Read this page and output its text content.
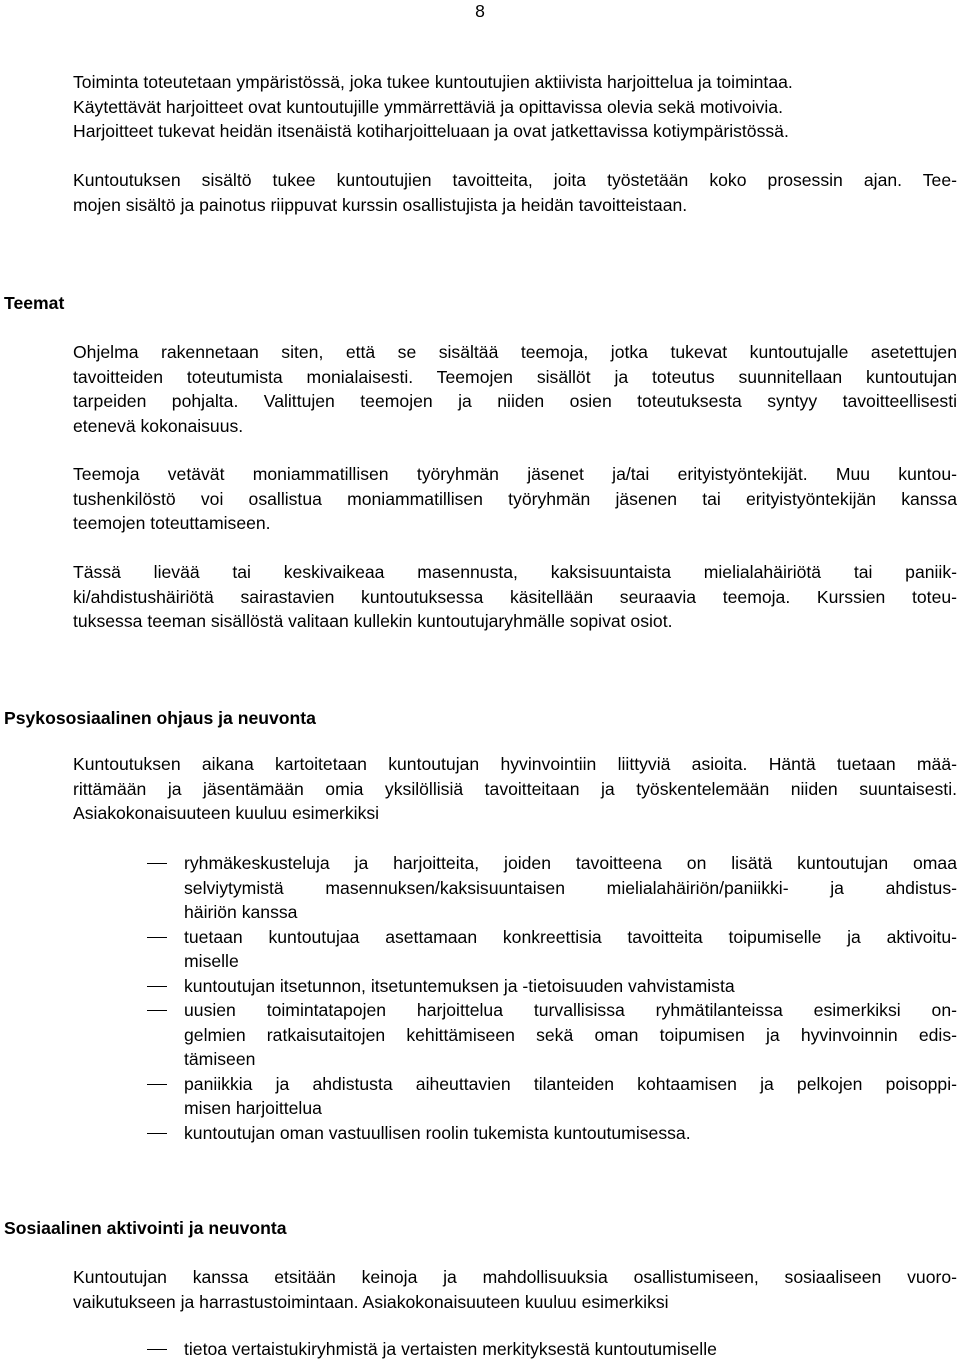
8

Toiminta toteutetaan ympäristössä, joka tukee kuntoutujien aktiivista harjoittelua ja toimintaa.
Käytettävät harjoitteet ovat kuntoutujille ymmärrettäviä ja opittavissa olevia sekä motivoivia.
Harjoitteet tukevat heidän itsenäistä kotiharjoitteluaan ja ovat jatkettavissa kotiympäristössä.

Kuntoutuksen sisältö tukee kuntoutujien tavoitteita, joita työstetään koko prosessin ajan. Tee-
mojen sisältö ja painotus riippuvat kurssin osallistujista ja heidän tavoitteistaan.

Teemat

Ohjelma rakennetaan siten, että se sisältää teemoja, jotka tukevat kuntoutujalle asetettujen
tavoitteiden toteutumista monialaisesti. Teemojen sisällöt ja toteutus suunnitellaan kuntoutujan
tarpeiden pohjalta. Valittujen teemojen ja niiden osien toteutuksesta syntyy tavoitteellisesti
etenevä kokonaisuus.

Teemoja vetävät moniammatillisen työryhmän jäsenet ja/tai erityistyöntekijät. Muu kuntou-
tushenkilöstö voi osallistua moniammatillisen työryhmän jäsenen tai erityistyöntekijän kanssa
teemojen toteuttamiseen.

Tässä lievää tai keskivaikeaa masennusta, kaksisuuntaista mielialahäiriötä tai paniik-
ki/ahdistushäiriötä sairastavien kuntoutuksessa käsitellään seuraavia teemoja. Kurssien toteu-
tuksessa teeman sisällöstä valitaan kullekin kuntoutujaryhmälle sopivat osiot.

Psykososiaalinen ohjaus ja neuvonta

Kuntoutuksen aikana kartoitetaan kuntoutujan hyvinvointiin liittyviä asioita. Häntä tuetaan mää-
rittämään ja jäsentämään omia yksilöllisiä tavoitteitaan ja työskentelemään niiden suuntaisesti.
Asiakokonaisuuteen kuuluu esimerkiksi

ryhmäkeskusteluja ja harjoitteita, joiden tavoitteena on lisätä kuntoutujan omaa
selviytymistä masennuksen/kaksisuuntaisen mielialahäiriön/paniikki- ja ahdistus-
häiriön kanssa
tuetaan kuntoutujaa asettamaan konkreettisia tavoitteita toipumiselle ja aktivoitu-
miselle
kuntoutujan itsetunnon, itsetuntemuksen ja -tietoisuuden vahvistamista
uusien toimintatapojen harjoittelua turvallisissa ryhmätilanteissa esimerkiksi on-
gelmien ratkaisutaitojen kehittämiseen sekä oman toipumisen ja hyvinvoinnin edis-
tämiseen
paniikkia ja ahdistusta aiheuttavien tilanteiden kohtaamisen ja pelkojen poisoppi-
misen harjoittelua
kuntoutujan oman vastuullisen roolin tukemista kuntoutumisessa.
Sosiaalinen aktivointi ja neuvonta

Kuntoutujan kanssa etsitään keinoja ja mahdollisuuksia osallistumiseen, sosiaaliseen vuoro-
vaikutukseen ja harrastustoimintaan. Asiakokonaisuuteen kuuluu esimerkiksi

tietoa vertaistukiryhmistä ja vertaisten merkityksestä kuntoutumiselle
